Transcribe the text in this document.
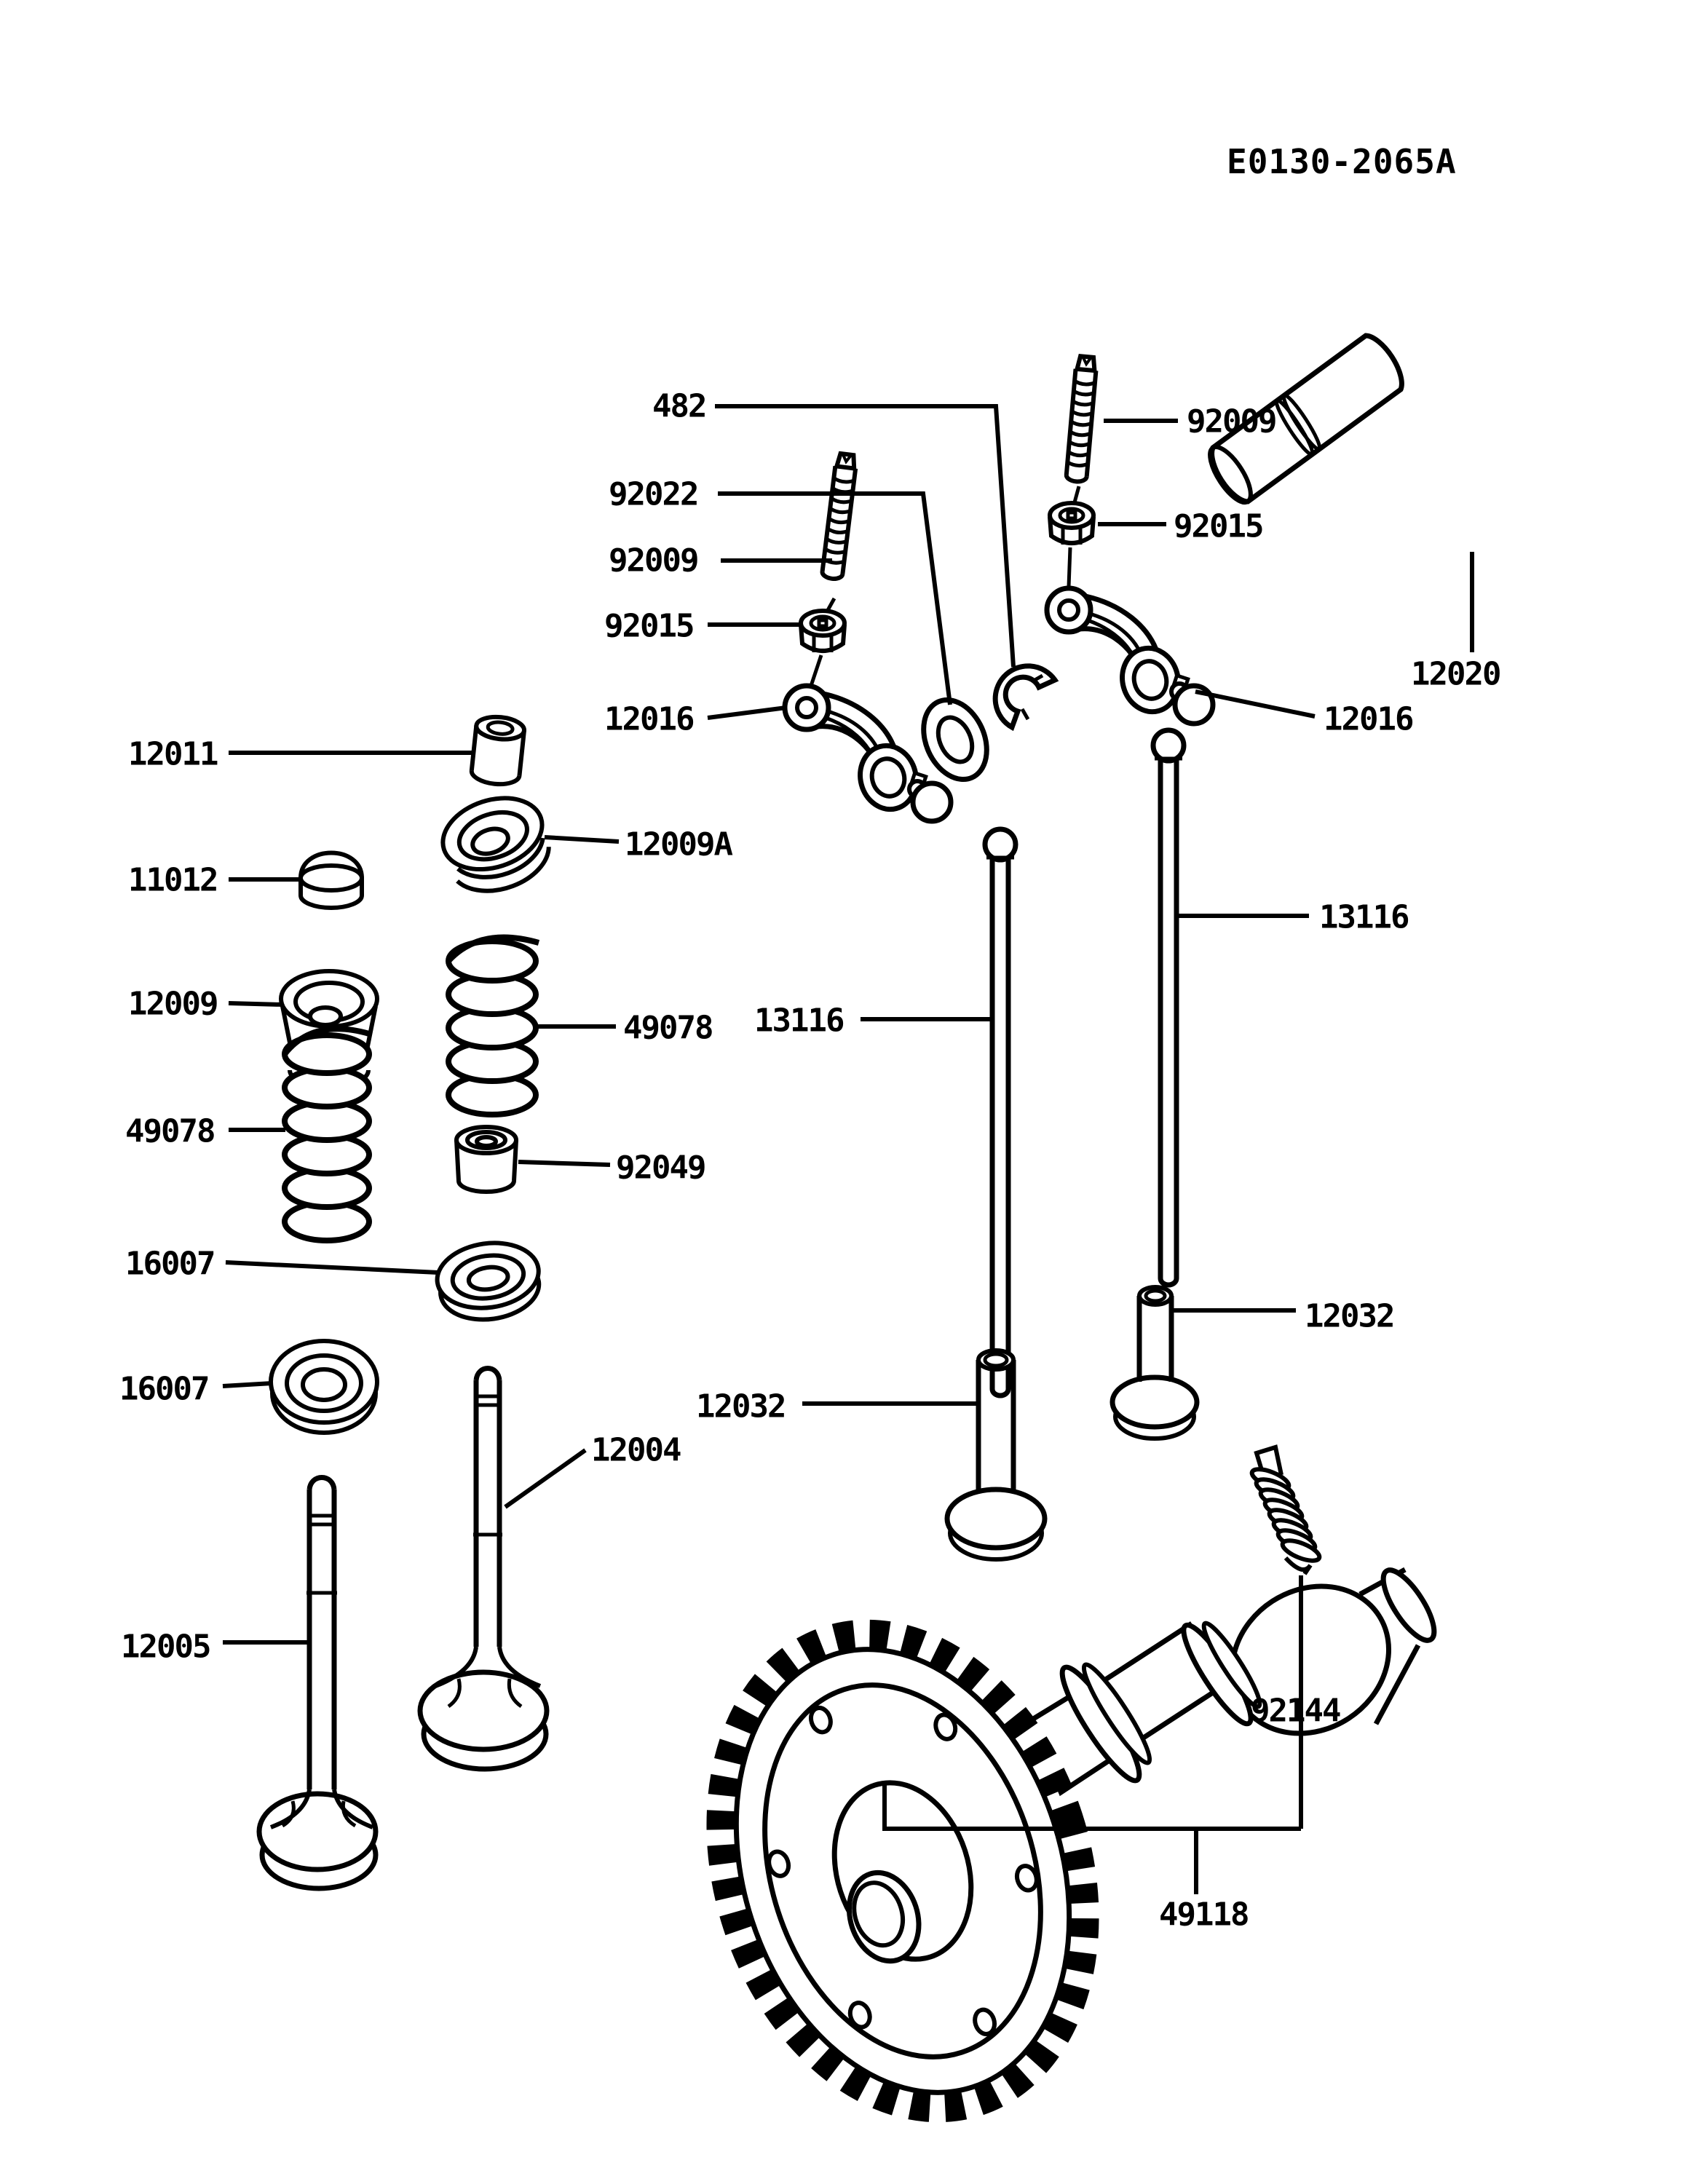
E0130-2065A
482
92022
92009
92015
12016
12011
11012
12009
49078
16007
16007
12005
12009A
49078
92049
13116
12032
12004
92009
92015
12020
12016
13116
12032
92144
49118
